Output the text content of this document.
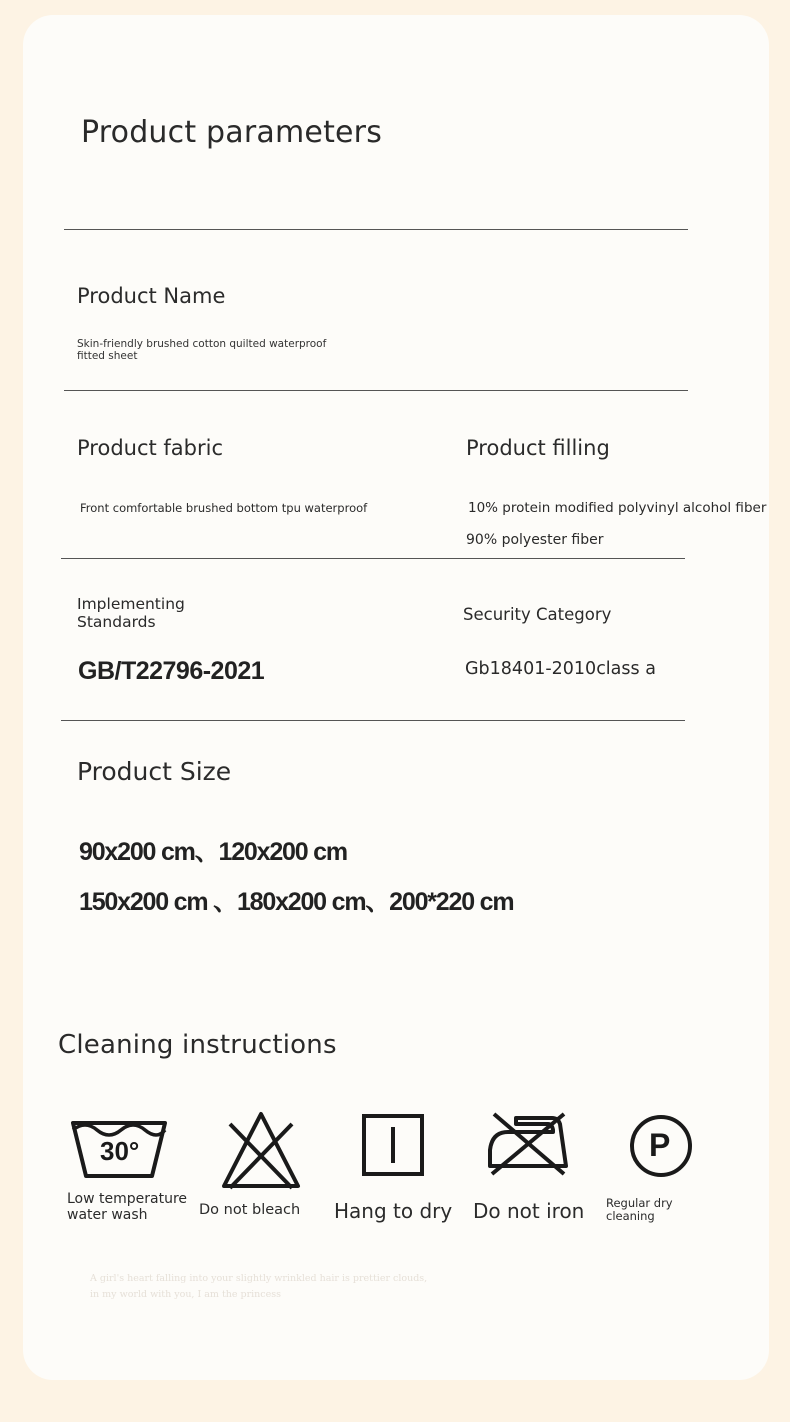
Product parameters
Product Name
Skin-friendly brushed cotton quilted waterproof
fitted sheet
Product fabric
Front comfortable brushed bottom tpu waterproof
Product filling
10% protein modified polyvinyl alcohol fiber
90% polyester fiber
Implementing
Standards
GB/T22796-2021
Security Category
Gb18401-2010class a
Product Size
90x200 cm、120x200 cm
150x200 cm 、180x200 cm、200*220 cm
Cleaning instructions
30°
Low temperature
water wash	Do not bleach Hang to dry Do not iron
P
Regular dry
cleaning
A girl's heart falling into your slightly wrinkled hair is prettier clouds,
in my world with you, I am the princess
